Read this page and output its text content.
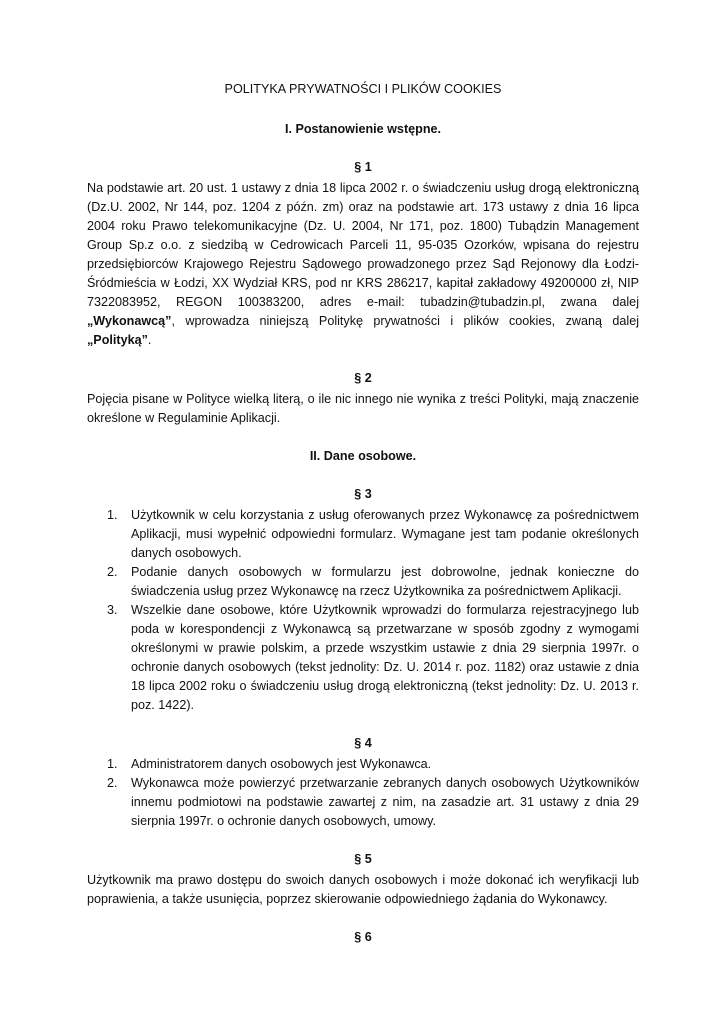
POLITYKA PRYWATNOŚCI I PLIKÓW COOKIES
I. Postanowienie wstępne.
§ 1
Na podstawie art. 20 ust. 1 ustawy z dnia 18 lipca 2002 r. o świadczeniu usług drogą elektroniczną (Dz.U. 2002, Nr 144, poz. 1204 z późn. zm) oraz na podstawie art. 173 ustawy z dnia 16 lipca 2004 roku Prawo telekomunikacyjne (Dz. U. 2004, Nr 171, poz. 1800) Tubądzin Management Group Sp.z o.o. z siedzibą w Cedrowicach Parceli 11, 95-035 Ozorków, wpisana do rejestru przedsiębiorców Krajowego Rejestru Sądowego prowadzonego przez Sąd Rejonowy dla Łodzi-Śródmieścia w Łodzi, XX Wydział KRS, pod nr KRS 286217, kapitał zakładowy 49200000 zł, NIP 7322083952, REGON 100383200, adres e-mail: tubadzin@tubadzin.pl, zwana dalej „Wykonawcą”, wprowadza niniejszą Politykę prywatności i plików cookies, zwaną dalej „Polityką”.
§ 2
Pojęcia pisane w Polityce wielką literą, o ile nic innego nie wynika z treści Polityki, mają znaczenie określone w Regulaminie Aplikacji.
II. Dane osobowe.
§ 3
1. Użytkownik w celu korzystania z usług oferowanych przez Wykonawcę za pośrednictwem Aplikacji, musi wypełnić odpowiedni formularz. Wymagane jest tam podanie określonych danych osobowych.
2. Podanie danych osobowych w formularzu jest dobrowolne, jednak konieczne do świadczenia usług przez Wykonawcę na rzecz Użytkownika za pośrednictwem Aplikacji.
3. Wszelkie dane osobowe, które Użytkownik wprowadzi do formularza rejestracyjnego lub poda w korespondencji z Wykonawcą są przetwarzane w sposób zgodny z wymogami określonymi w prawie polskim, a przede wszystkim ustawie z dnia 29 sierpnia 1997r. o ochronie danych osobowych (tekst jednolity: Dz. U. 2014 r. poz. 1182) oraz ustawie z dnia 18 lipca 2002 roku o świadczeniu usług drogą elektroniczną (tekst jednolity: Dz. U. 2013 r. poz. 1422).
§ 4
1. Administratorem danych osobowych jest Wykonawca.
2. Wykonawca może powierzyć przetwarzanie zebranych danych osobowych Użytkowników innemu podmiotowi na podstawie zawartej z nim, na zasadzie art. 31 ustawy z dnia 29 sierpnia 1997r. o ochronie danych osobowych, umowy.
§ 5
Użytkownik ma prawo dostępu do swoich danych osobowych i może dokonać ich weryfikacji lub poprawienia, a także usunięcia, poprzez skierowanie odpowiedniego żądania do Wykonawcy.
§ 6
